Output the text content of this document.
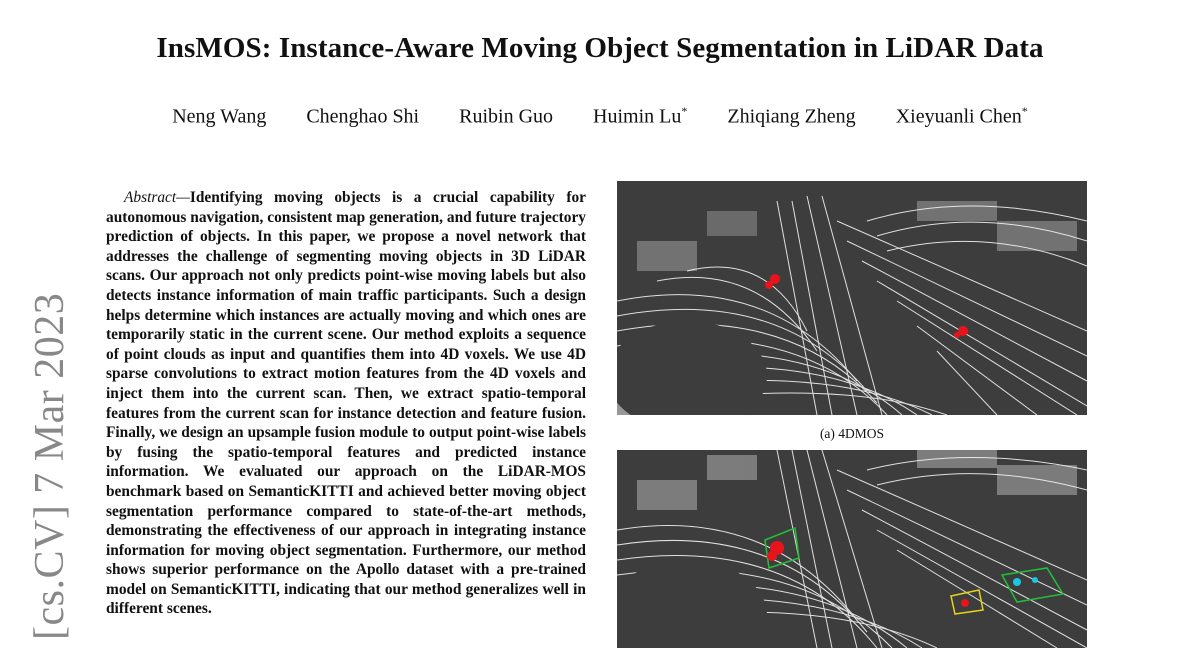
InsMOS: Instance-Aware Moving Object Segmentation in LiDAR Data
Neng Wang Chenghao Shi Ruibin Guo Huimin Lu* Zhiqiang Zheng Xieyuanli Chen*
[cs.CV] 7 Mar 2023
Abstract—Identifying moving objects is a crucial capability for autonomous navigation, consistent map generation, and future trajectory prediction of objects. In this paper, we propose a novel network that addresses the challenge of segmenting moving objects in 3D LiDAR scans. Our approach not only predicts point-wise moving labels but also detects instance information of main traffic participants. Such a design helps determine which instances are actually moving and which ones are temporarily static in the current scene. Our method exploits a sequence of point clouds as input and quantifies them into 4D voxels. We use 4D sparse convolutions to extract motion features from the 4D voxels and inject them into the current scan. Then, we extract spatio-temporal features from the current scan for instance detection and feature fusion. Finally, we design an upsample fusion module to output point-wise labels by fusing the spatio-temporal features and predicted instance information. We evaluated our approach on the LiDAR-MOS benchmark based on SemanticKITTI and achieved better moving object segmentation performance compared to state-of-the-art methods, demonstrating the effectiveness of our approach in integrating instance information for moving object segmentation. Furthermore, our method shows superior performance on the Apollo dataset with a pre-trained model on SemanticKITTI, indicating that our method generalizes well in different scenes.
(a) 4DMOS
